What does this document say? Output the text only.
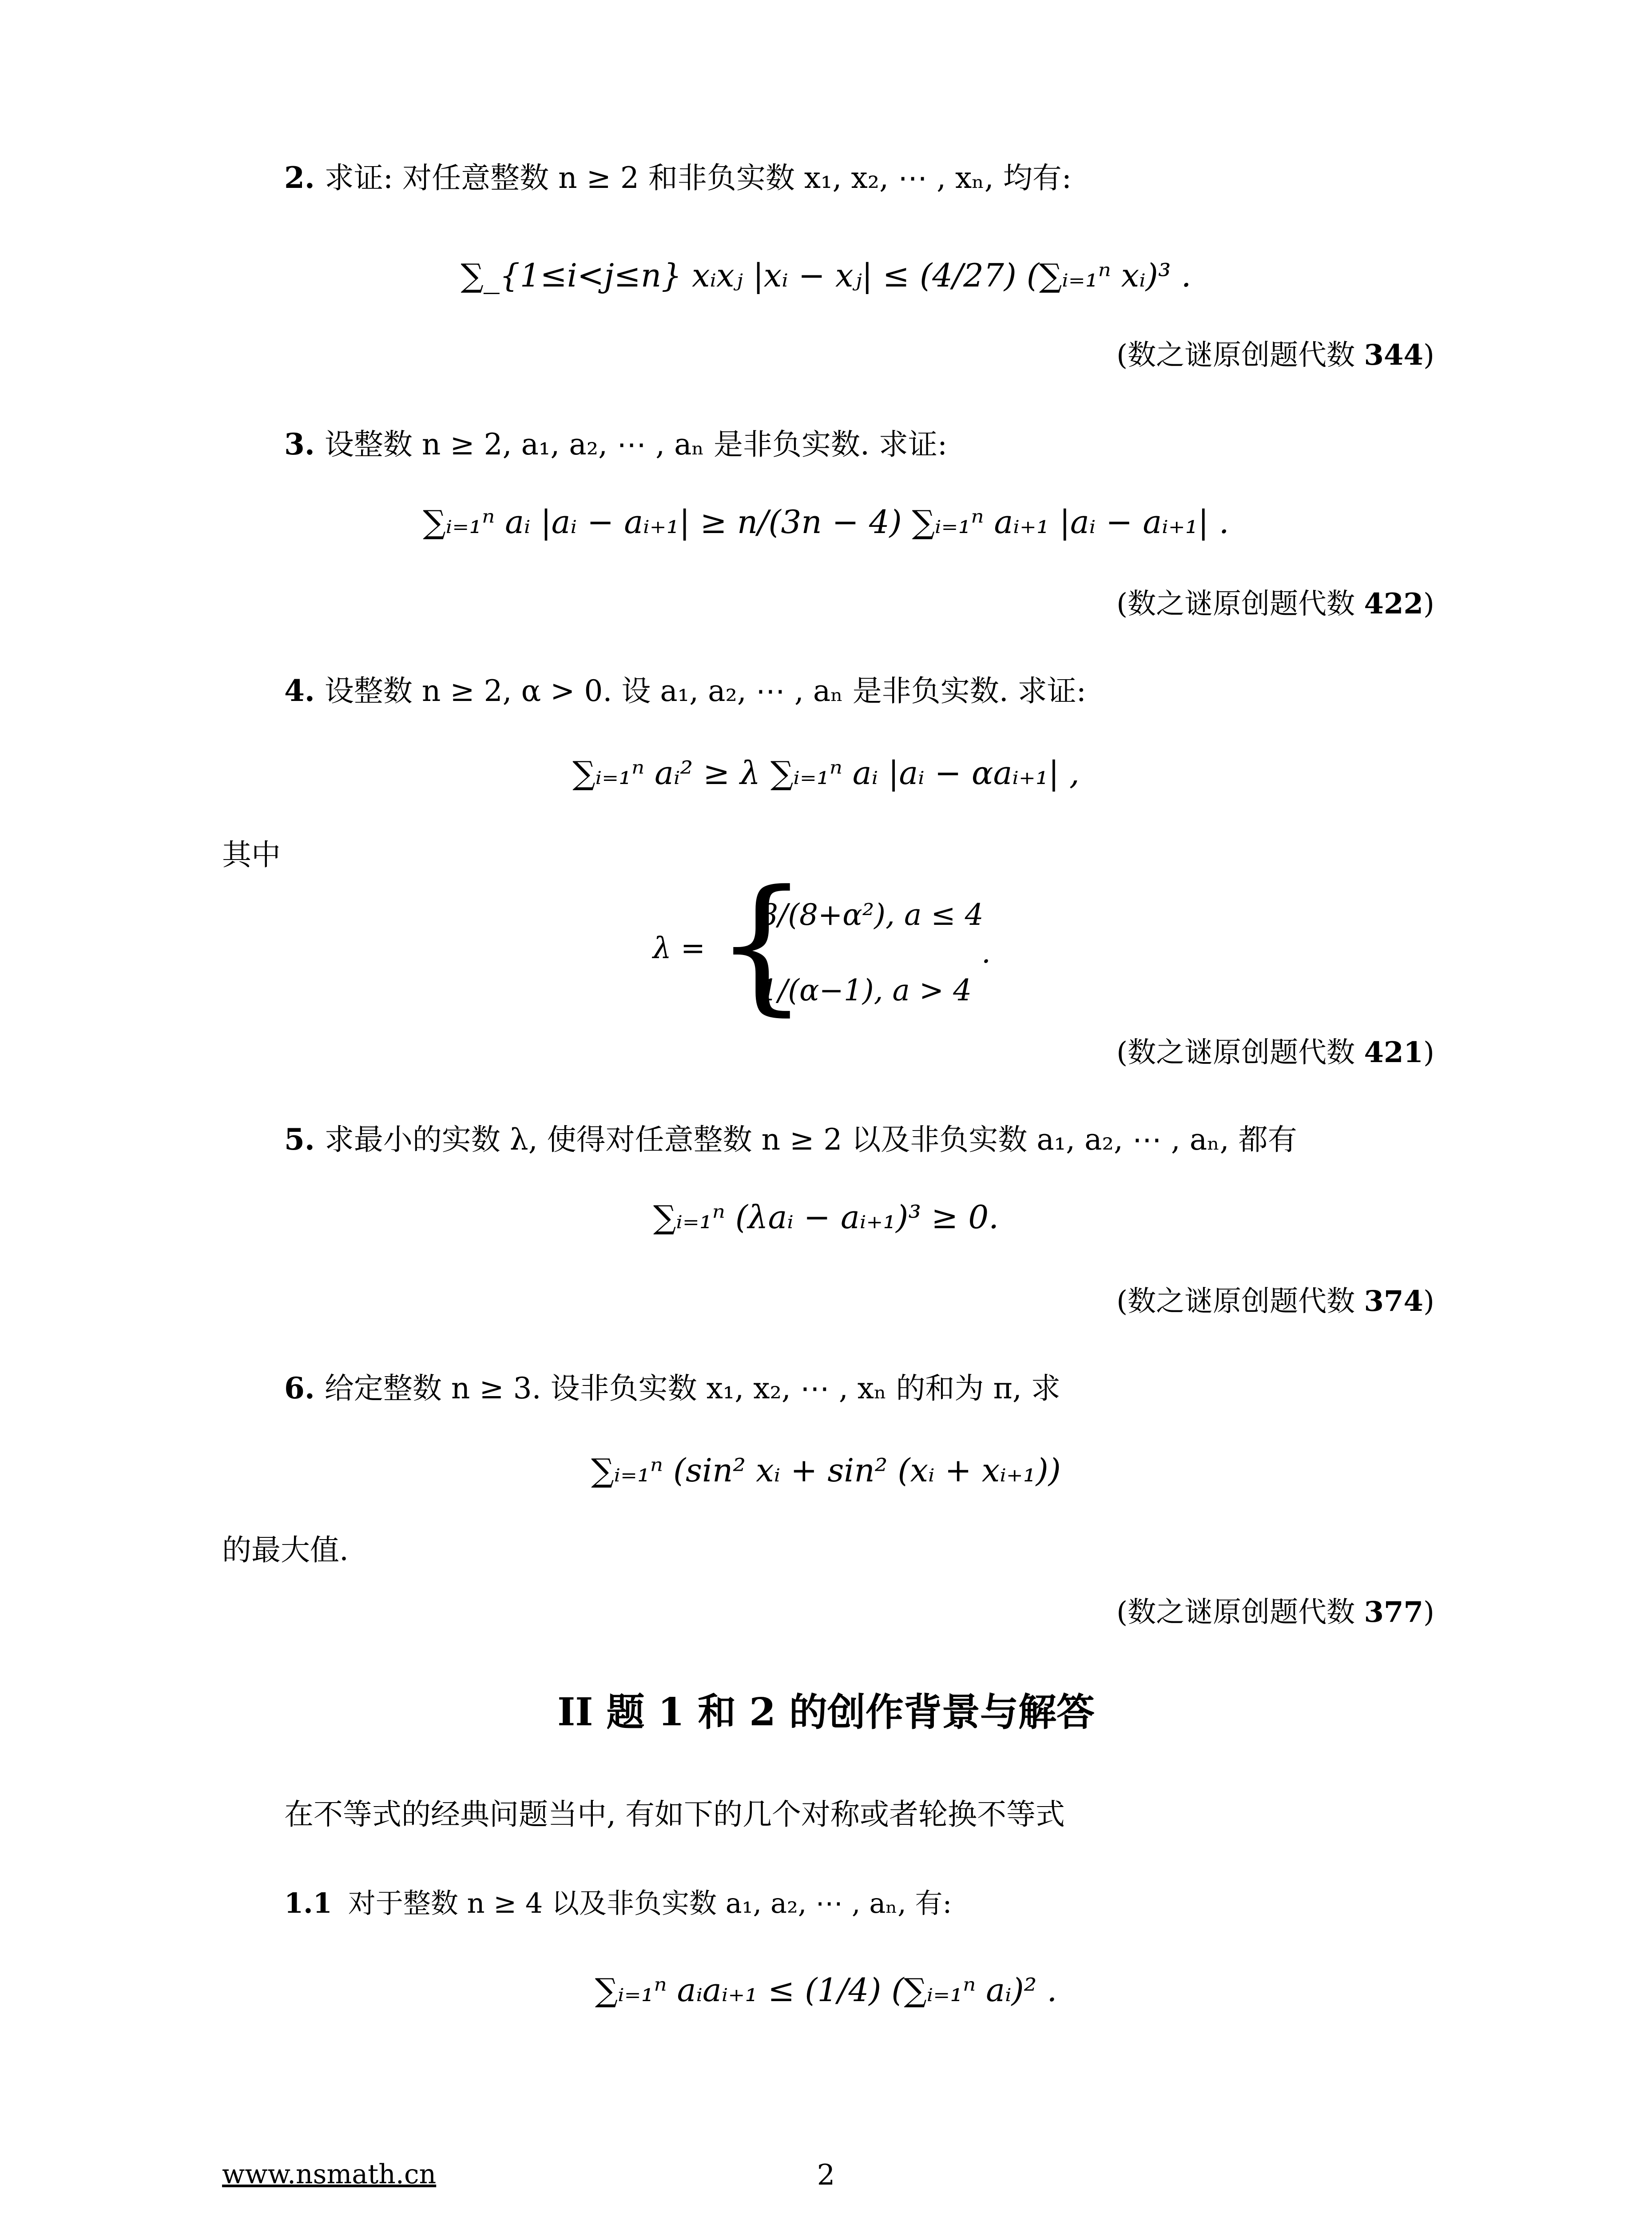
2. 求证: 对任意整数 n ≥ 2 和非负实数 x₁, x₂, ⋯ , xₙ, 均有:
∑_{1≤i<j≤n} xᵢxⱼ |xᵢ − xⱼ| ≤ (4/27) (∑ᵢ₌₁ⁿ xᵢ)³ .
(数之谜原创题代数 344)
3. 设整数 n ≥ 2, a₁, a₂, ⋯ , aₙ 是非负实数. 求证:
∑ᵢ₌₁ⁿ aᵢ |aᵢ − aᵢ₊₁| ≥ n/(3n − 4) ∑ᵢ₌₁ⁿ aᵢ₊₁ |aᵢ − aᵢ₊₁| .
(数之谜原创题代数 422)
4. 设整数 n ≥ 2, α > 0. 设 a₁, a₂, ⋯ , aₙ 是非负实数. 求证:
∑ᵢ₌₁ⁿ aᵢ² ≥ λ ∑ᵢ₌₁ⁿ aᵢ |aᵢ − αaᵢ₊₁| ,
其中
λ = {
8/(8+α²), a ≤ 4
1/(α−1), a > 4
.
(数之谜原创题代数 421)
5. 求最小的实数 λ, 使得对任意整数 n ≥ 2 以及非负实数 a₁, a₂, ⋯ , aₙ, 都有
∑ᵢ₌₁ⁿ (λaᵢ − aᵢ₊₁)³ ≥ 0.
(数之谜原创题代数 374)
6. 给定整数 n ≥ 3. 设非负实数 x₁, x₂, ⋯ , xₙ 的和为 π, 求
∑ᵢ₌₁ⁿ (sin² xᵢ + sin² (xᵢ + xᵢ₊₁))
的最大值.
(数之谜原创题代数 377)
II 题 1 和 2 的创作背景与解答
在不等式的经典问题当中, 有如下的几个对称或者轮换不等式
1.1 对于整数 n ≥ 4 以及非负实数 a₁, a₂, ⋯ , aₙ, 有:
∑ᵢ₌₁ⁿ aᵢaᵢ₊₁ ≤ (1/4) (∑ᵢ₌₁ⁿ aᵢ)² .
www.nsmath.cn	2
